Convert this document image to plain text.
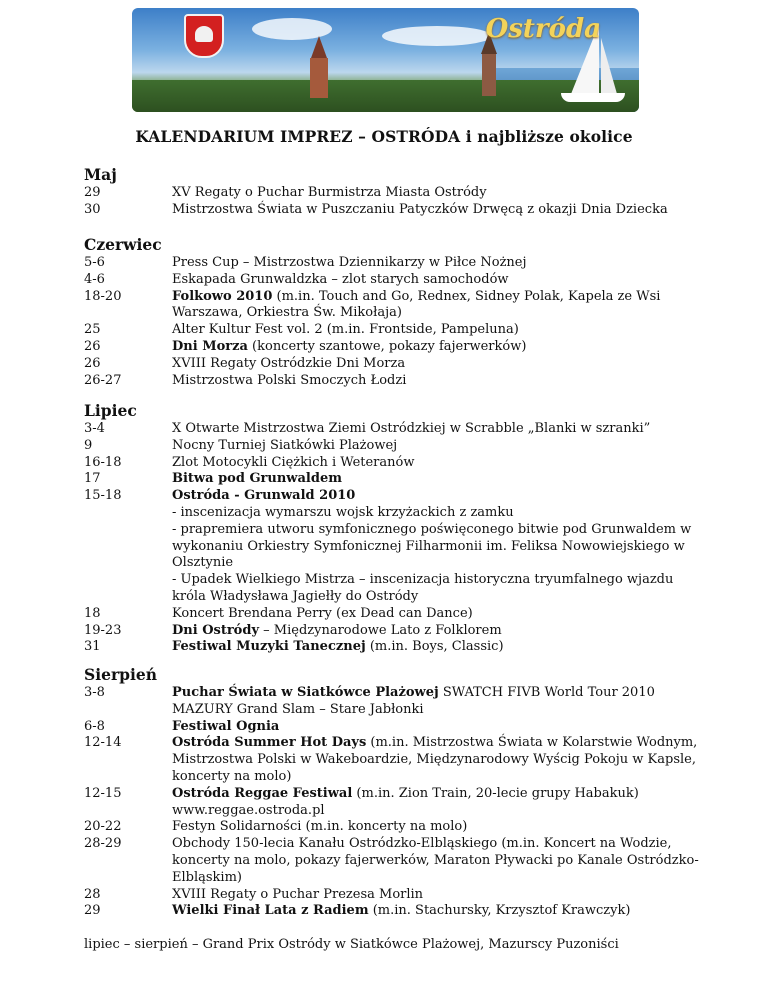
Ostróda
KALENDARIUM IMPREZ – OSTRÓDA i najbliższe okolice
Maj
29	XV Regaty o Puchar Burmistrza Miasta Ostródy
30	Mistrzostwa Świata w Puszczaniu Patyczków Drwęcą z okazji Dnia Dziecka
Czerwiec
5-6	Press Cup – Mistrzostwa Dziennikarzy w Piłce Nożnej
4-6	Eskapada Grunwaldzka – zlot starych samochodów
18-20	Folkowo 2010 (m.in. Touch and Go, Rednex, Sidney Polak, Kapela ze Wsi Warszawa, Orkiestra Św. Mikołaja)
25	Alter Kultur Fest vol. 2 (m.in. Frontside, Pampeluna)
26	Dni Morza (koncerty szantowe, pokazy fajerwerków)
26	XVIII Regaty Ostródzkie Dni Morza
26-27	Mistrzostwa Polski Smoczych Łodzi
Lipiec
3-4	X Otwarte Mistrzostwa Ziemi Ostródzkiej w Scrabble „Blanki w szranki”
9	Nocny Turniej Siatkówki Plażowej
16-18	Zlot Motocykli Ciężkich i Weteranów
17	Bitwa pod Grunwaldem
15-18	Ostróda - Grunwald 2010
- inscenizacja wymarszu wojsk krzyżackich z zamku
- prapremiera utworu symfonicznego poświęconego bitwie pod Grunwaldem w wykonaniu Orkiestry Symfonicznej Filharmonii im. Feliksa Nowowiejskiego w Olsztynie
- Upadek Wielkiego Mistrza – inscenizacja historyczna tryumfalnego wjazdu króla Władysława Jagiełły do Ostródy
18	Koncert Brendana Perry (ex Dead can Dance)
19-23	Dni Ostródy – Międzynarodowe Lato z Folklorem
31	Festiwal Muzyki Tanecznej (m.in. Boys, Classic)
Sierpień
3-8	Puchar Świata w Siatkówce Plażowej SWATCH FIVB World Tour 2010
MAZURY Grand Slam – Stare Jabłonki
6-8	Festiwal Ognia
12-14	Ostróda Summer Hot Days (m.in. Mistrzostwa Świata w Kolarstwie Wodnym, Mistrzostwa Polski w Wakeboardzie, Międzynarodowy Wyścig Pokoju w Kapsle, koncerty na molo)
12-15	Ostróda Reggae Festiwal (m.in. Zion Train, 20-lecie grupy Habakuk) www.reggae.ostroda.pl
20-22	Festyn Solidarności (m.in. koncerty na molo)
28-29	Obchody 150-lecia Kanału Ostródzko-Elbląskiego (m.in. Koncert na Wodzie, koncerty na molo, pokazy fajerwerków, Maraton Pływacki po Kanale Ostródzko-Elbląskim)
28	XVIII Regaty o Puchar Prezesa Morlin
29	Wielki Finał Lata z Radiem (m.in. Stachursky, Krzysztof Krawczyk)
lipiec – sierpień – Grand Prix Ostródy w Siatkówce Plażowej, Mazurscy Puzoniści
